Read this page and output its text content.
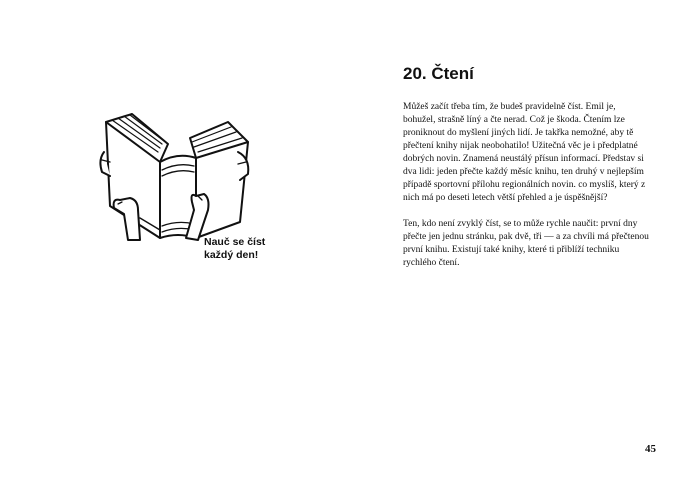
Nauč se číst
každý den!
20. Čtení

Můžeš začít třeba tím, že budeš pravidelně číst. Emil je, bohužel, strašně líný a čte nerad. Což je škoda. Čtením lze proniknout do myšlení jiných lidí. Je takřka nemožné, aby tě přečtení knihy nijak neobohatilo! Užitečná věc je i předplatné dobrých novin. Znamená neustálý přísun informací. Představ si dva lidi: jeden přečte každý měsíc knihu, ten druhý v nejlepším případě sportovní přílohu regionálních novin. co myslíš, který z nich má po deseti letech větší přehled a je úspěšnější?

Ten, kdo není zvyklý číst, se to může rychle naučit: první dny přečte jen jednu stránku, pak dvě, tři — a za chvíli má přečtenou první knihu. Existují také knihy, které ti přiblíží techniku rychlého čtení.

45
